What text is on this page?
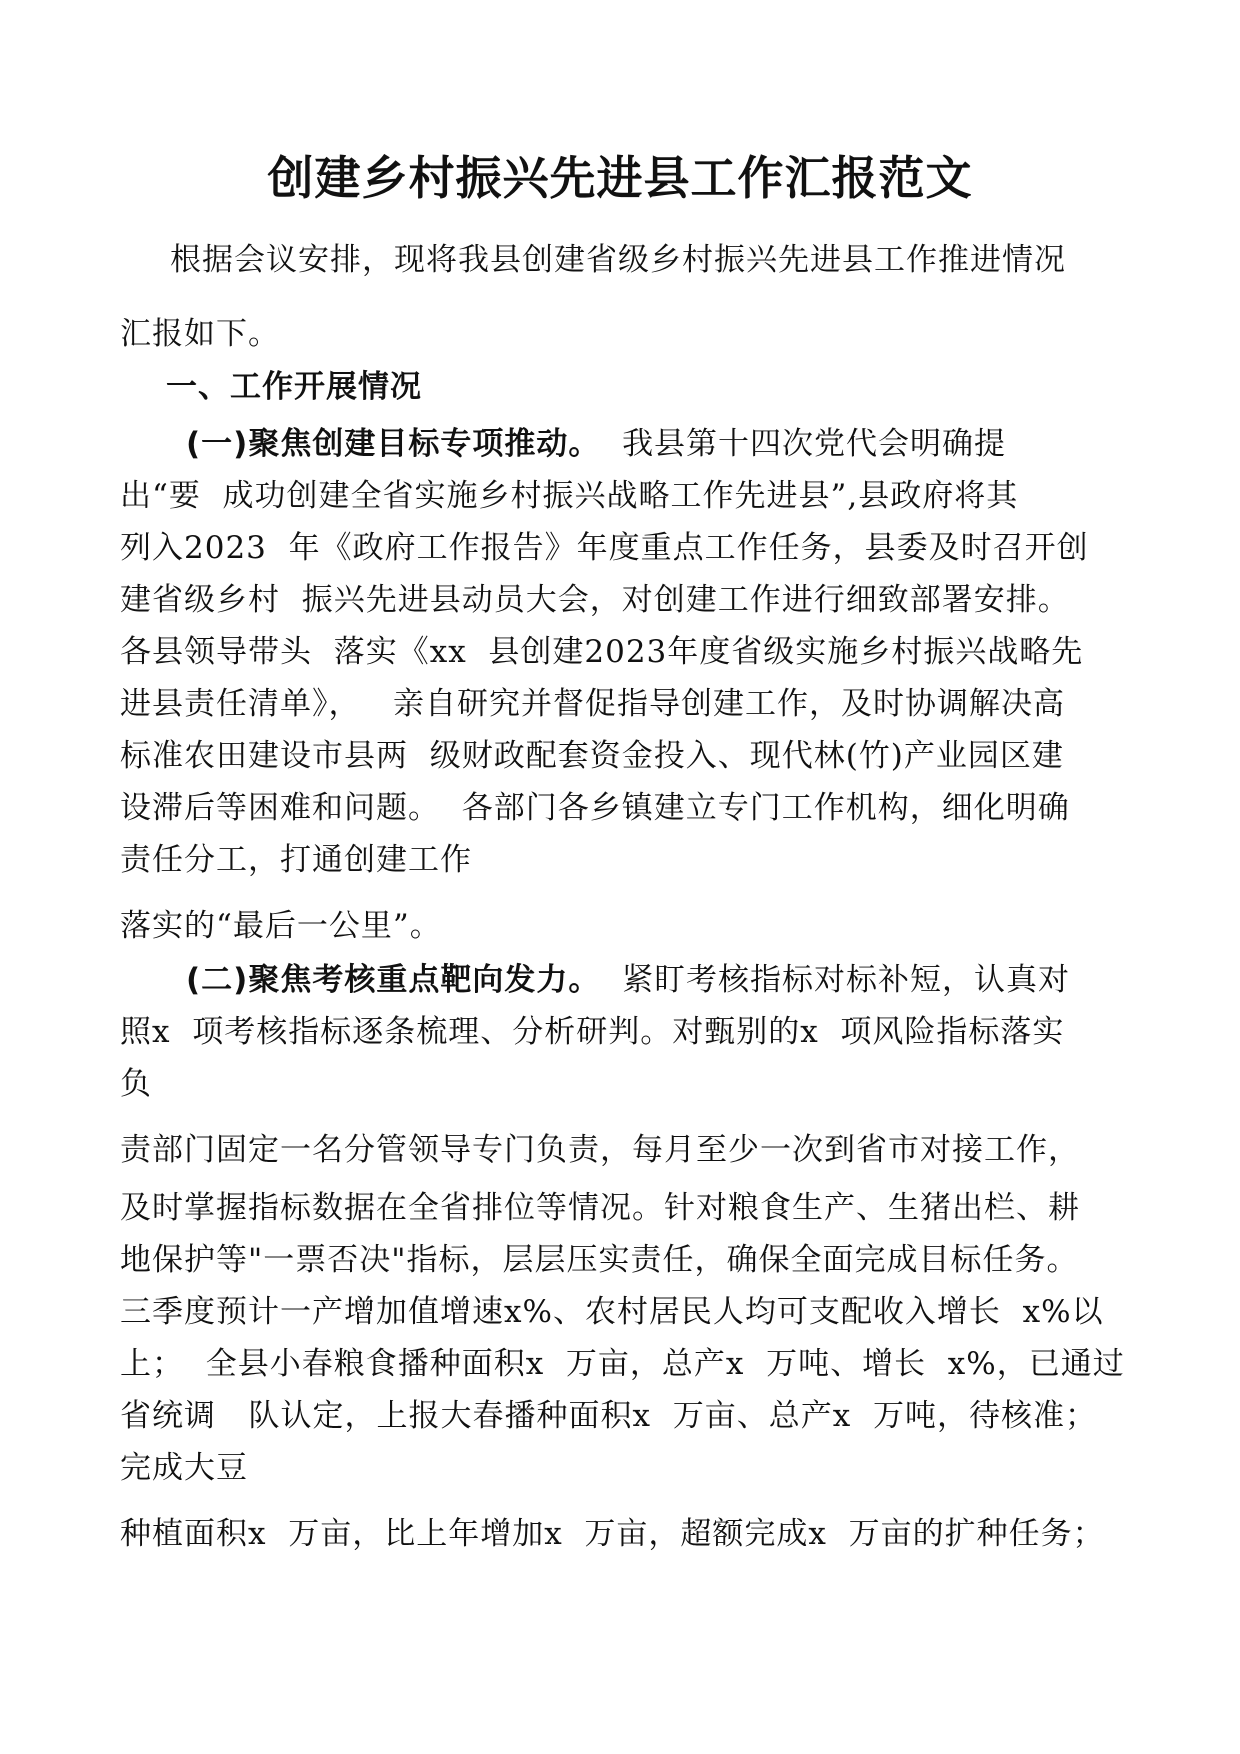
创建乡村振兴先进县工作汇报范文
根据会议安排，现将我县创建省级乡村振兴先进县工作推进情况
汇报如下。
一、工作开展情况
(一)聚焦创建目标专项推动。 我县第十四次党代会明确提
出“要  成功创建全省实施乡村振兴战略工作先进县”,县政府将其
列入2023  年《政府工作报告》年度重点工作任务，县委及时召开创
建省级乡村  振兴先进县动员大会，对创建工作进行细致部署安排。
各县领导带头  落实《xx  县创建2023年度省级实施乡村振兴战略先
进县责任清单》，   亲自研究并督促指导创建工作，及时协调解决高
标准农田建设市县两  级财政配套资金投入、现代林(竹)产业园区建
设滞后等困难和问题。  各部门各乡镇建立专门工作机构，细化明确
责任分工，打通创建工作
落实的“最后一公里”。
(二)聚焦考核重点靶向发力。 紧盯考核指标对标补短，认真对
照x  项考核指标逐条梳理、分析研判。对甄别的x  项风险指标落实
负
责部门固定一名分管领导专门负责，每月至少一次到省市对接工作，
及时掌握指标数据在全省排位等情况。针对粮食生产、生猪出栏、耕
地保护等"一票否决"指标，层层压实责任，确保全面完成目标任务。
三季度预计一产增加值增速x%、农村居民人均可支配收入增长  x%以
上；  全县小春粮食播种面积x  万亩，总产x  万吨、增长  x%，已通过
省统调   队认定，上报大春播种面积x  万亩、总产x  万吨，待核准；
完成大豆
种植面积x  万亩，比上年增加x  万亩，超额完成x  万亩的扩种任务；
